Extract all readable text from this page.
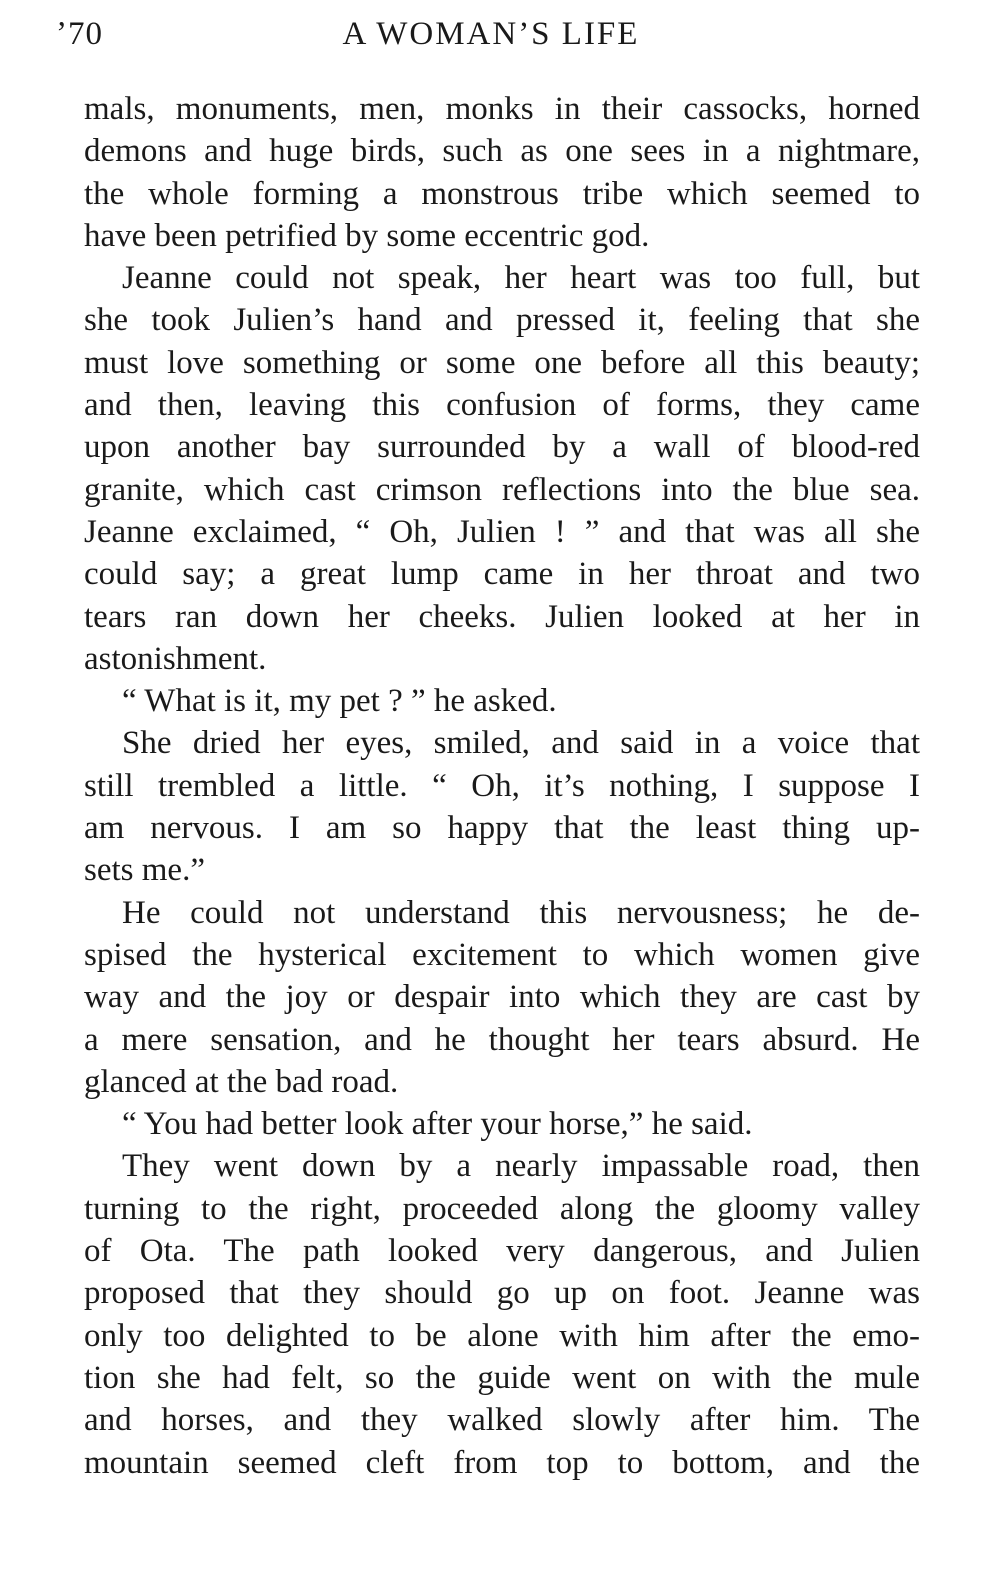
ʼ70	A WOMAN’S LIFE
mals, monuments, men, monks in their cassocks, horned
demons and huge birds, such as one sees in a nightmare,
the whole forming a monstrous tribe which seemed to
have been petrified by some eccentric god.
Jeanne could not speak, her heart was too full, but
she took Julien’s hand and pressed it, feeling that she
must love something or some one before all this beauty;
and then, leaving this confusion of forms, they came
upon another bay surrounded by a wall of blood-red
granite, which cast crimson reflections into the blue sea.
Jeanne exclaimed, “ Oh, Julien ! ” and that was all she
could say; a great lump came in her throat and two
tears ran down her cheeks. Julien looked at her in
astonishment.
“ What is it, my pet ? ” he asked.
She dried her eyes, smiled, and said in a voice that
still trembled a little. “ Oh, it’s nothing, I suppose I
am nervous. I am so happy that the least thing up-
sets me.”
He could not understand this nervousness; he de-
spised the hysterical excitement to which women give
way and the joy or despair into which they are cast by
a mere sensation, and he thought her tears absurd. He
glanced at the bad road.
“ You had better look after your horse,” he said.
They went down by a nearly impassable road, then
turning to the right, proceeded along the gloomy valley
of Ota. The path looked very dangerous, and Julien
proposed that they should go up on foot. Jeanne was
only too delighted to be alone with him after the emo-
tion she had felt, so the guide went on with the mule
and horses, and they walked slowly after him. The
mountain seemed cleft from top to bottom, and the
